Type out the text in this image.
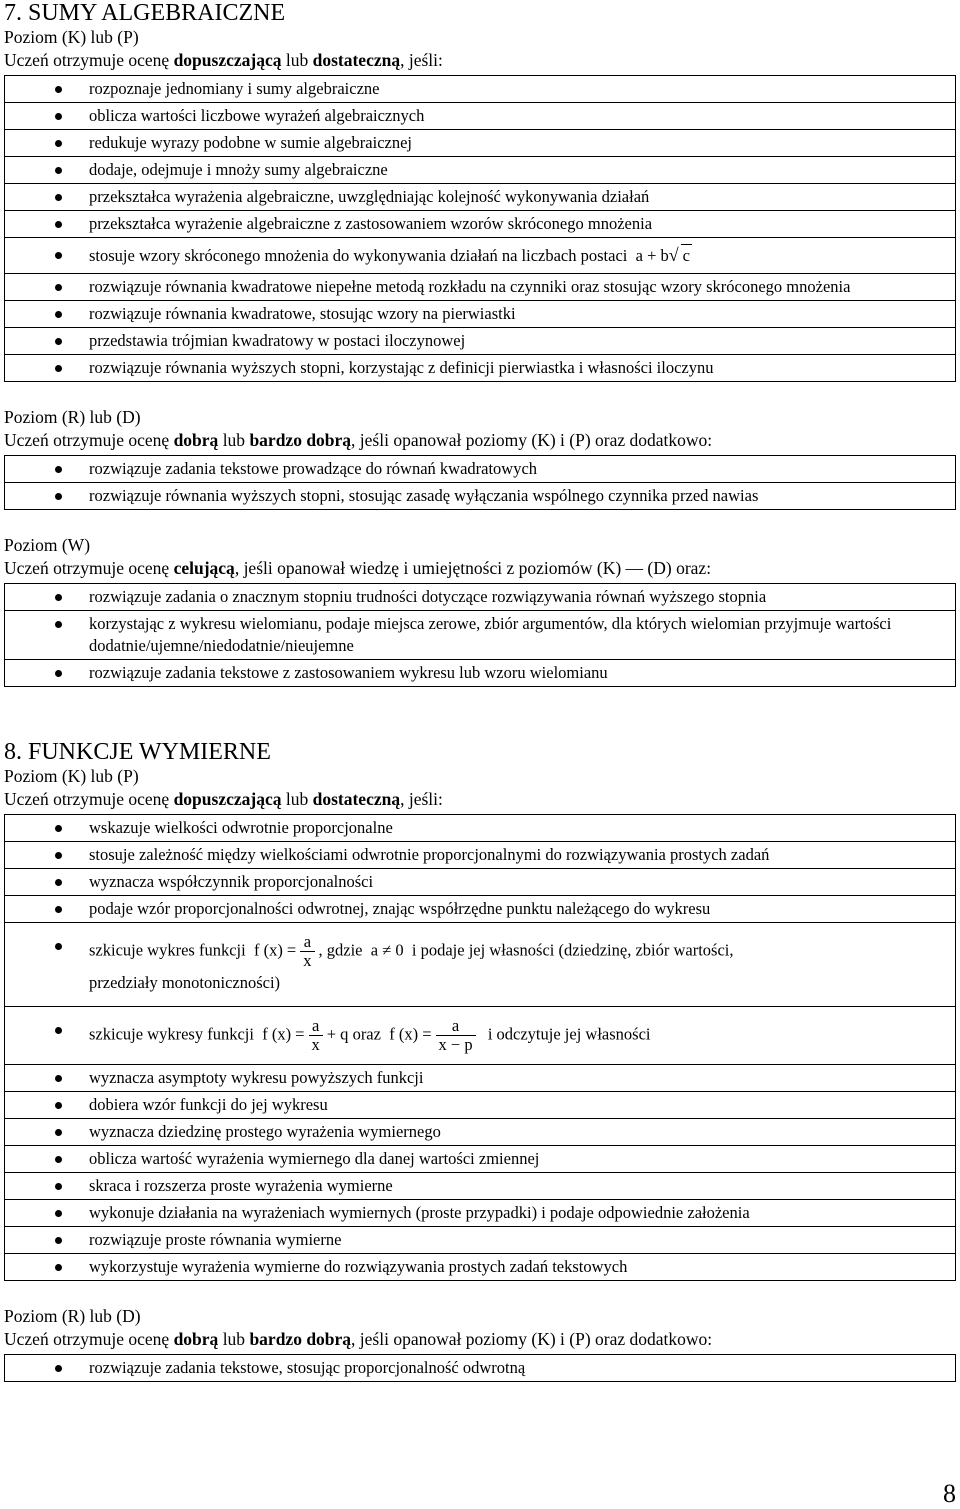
7. SUMY ALGEBRAICZNE
Poziom (K) lub (P)
Uczeń otrzymuje ocenę dopuszczającą lub dostateczną, jeśli:
rozpoznaje jednomiany i sumy algebraiczne
oblicza wartości liczbowe wyrażeń algebraicznych
redukuje wyrazy podobne w sumie algebraicznej
dodaje, odejmuje i mnoży sumy algebraiczne
przekształca wyrażenia algebraiczne, uwzględniając kolejność wykonywania działań
przekształca wyrażenie algebraiczne z zastosowaniem wzorów skróconego mnożenia
stosuje wzory skróconego mnożenia do wykonywania działań na liczbach postaci a + b√ c
rozwiązuje równania kwadratowe niepełne metodą rozkładu na czynniki oraz stosując wzory skróconego mnożenia
rozwiązuje równania kwadratowe, stosując wzory na pierwiastki
przedstawia trójmian kwadratowy w postaci iloczynowej
rozwiązuje równania wyższych stopni, korzystając z definicji pierwiastka i własności iloczynu
Poziom (R) lub (D)
Uczeń otrzymuje ocenę dobrą lub bardzo dobrą, jeśli opanował poziomy (K) i (P) oraz dodatkowo:
rozwiązuje zadania tekstowe prowadzące do równań kwadratowych
rozwiązuje równania wyższych stopni, stosując zasadę wyłączania wspólnego czynnika przed nawias
Poziom (W)
Uczeń otrzymuje ocenę celującą, jeśli opanował wiedzę i umiejętności z poziomów (K) ― (D) oraz:
rozwiązuje zadania o znacznym stopniu trudności dotyczące rozwiązywania równań wyższego stopnia
korzystając z wykresu wielomianu, podaje miejsca zerowe, zbiór argumentów, dla których wielomian przyjmuje wartości dodatnie/ujemne/niedodatnie/nieujemne
rozwiązuje zadania tekstowe z zastosowaniem wykresu lub wzoru wielomianu
8. FUNKCJE WYMIERNE
Poziom (K) lub (P)
Uczeń otrzymuje ocenę dopuszczającą lub dostateczną, jeśli:
wskazuje wielkości odwrotnie proporcjonalne
stosuje zależność między wielkościami odwrotnie proporcjonalnymi do rozwiązywania prostych zadań
wyznacza współczynnik proporcjonalności
podaje wzór proporcjonalności odwrotnej, znając współrzędne punktu należącego do wykresu
szkicuje wykres funkcji f $(x) = \frac{a}{x}$ , gdzie a ≠ 0 i podaje jej własności (dziedzinę, zbiór wartości,
przedziały monotoniczności)
szkicuje wykresy funkcji f $(x) = \frac{a}{x} + q$ oraz f $(x) = \frac{a}{x - p}$ i odczytuje jej własności
wyznacza asymptoty wykresu powyższych funkcji
dobiera wzór funkcji do jej wykresu
wyznacza dziedzinę prostego wyrażenia wymiernego
oblicza wartość wyrażenia wymiernego dla danej wartości zmiennej
skraca i rozszerza proste wyrażenia wymierne
wykonuje działania na wyrażeniach wymiernych (proste przypadki) i podaje odpowiednie założenia
rozwiązuje proste równania wymierne
wykorzystuje wyrażenia wymierne do rozwiązywania prostych zadań tekstowych
Poziom (R) lub (D)
Uczeń otrzymuje ocenę dobrą lub bardzo dobrą, jeśli opanował poziomy (K) i (P) oraz dodatkowo:
rozwiązuje zadania tekstowe, stosując proporcjonalność odwrotną
8
